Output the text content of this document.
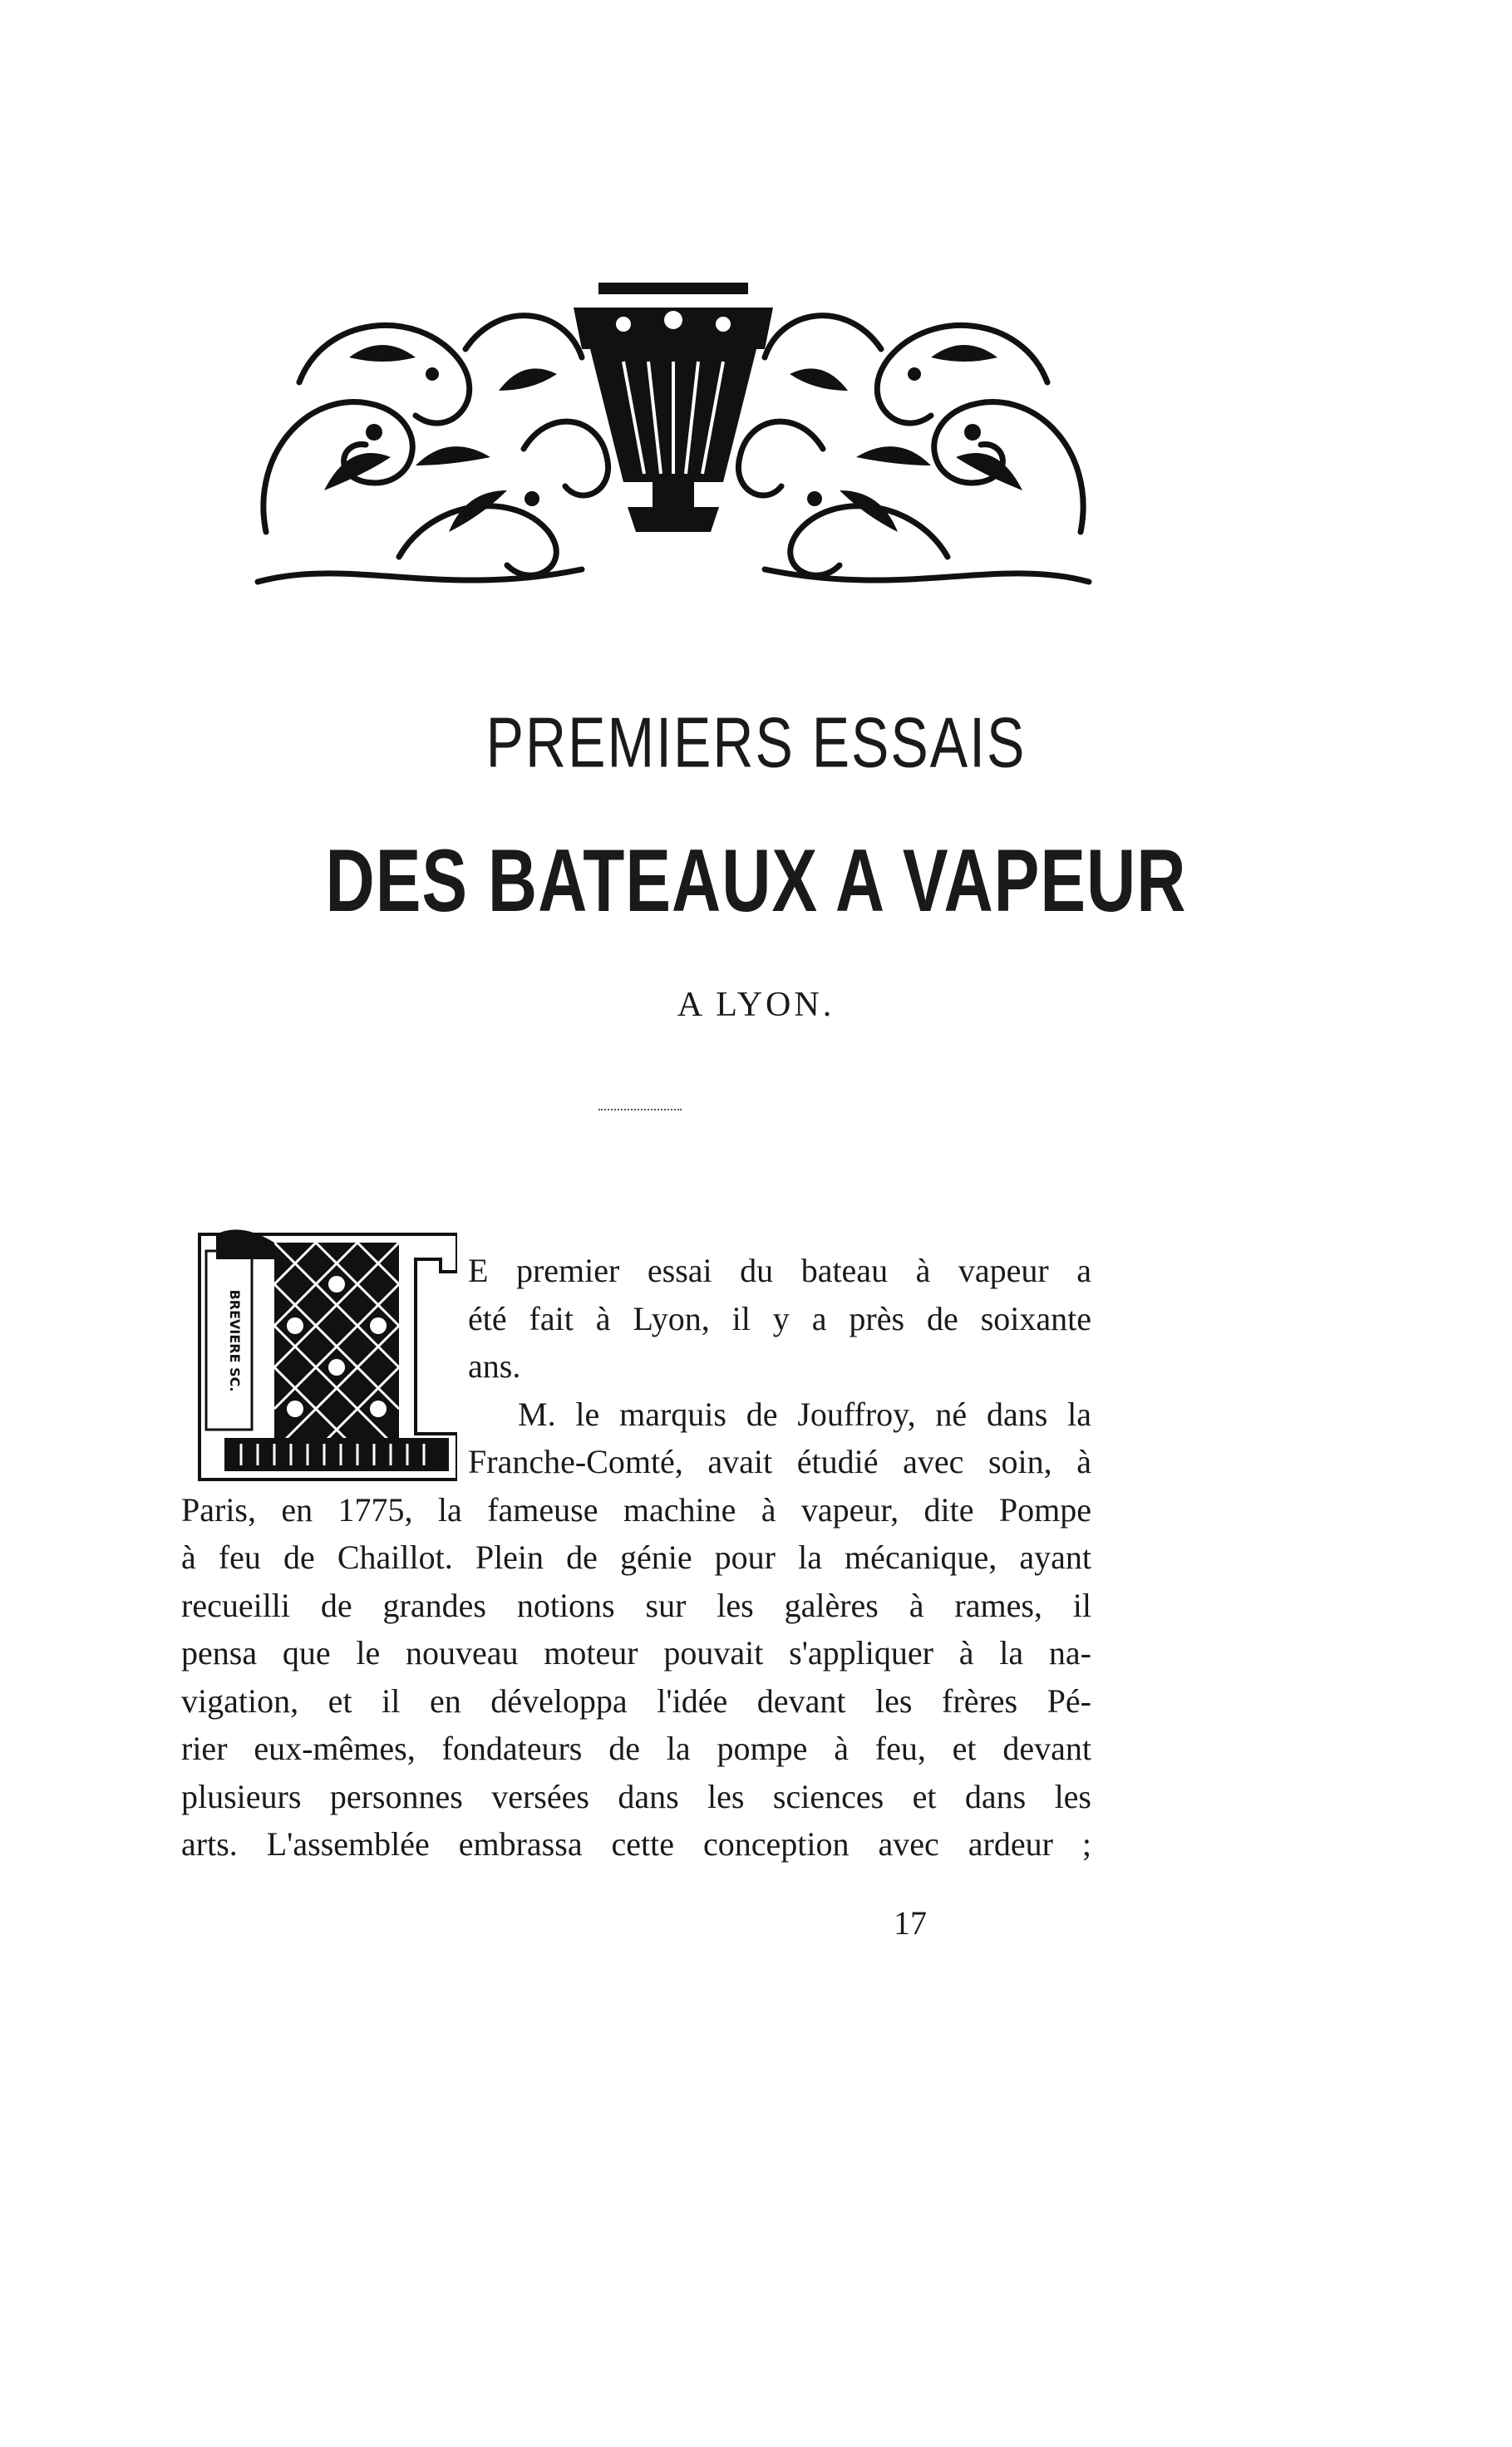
PREMIERS ESSAIS
DES BATEAUX A VAPEUR
A LYON.
BREVIERE SC.
E premier essai du bateau à vapeur a
été fait à Lyon, il y a près de soixante
ans.
M. le marquis de Jouffroy, né dans la
Franche-Comté, avait étudié avec soin, à
Paris, en 1775, la fameuse machine à vapeur, dite Pompe
à feu de Chaillot. Plein de génie pour la mécanique, ayant
recueilli de grandes notions sur les galères à rames, il
pensa que le nouveau moteur pouvait s'appliquer à la na-
vigation, et il en développa l'idée devant les frères Pé-
rier eux-mêmes, fondateurs de la pompe à feu, et devant
plusieurs personnes versées dans les sciences et dans les
arts. L'assemblée embrassa cette conception avec ardeur ;
17
